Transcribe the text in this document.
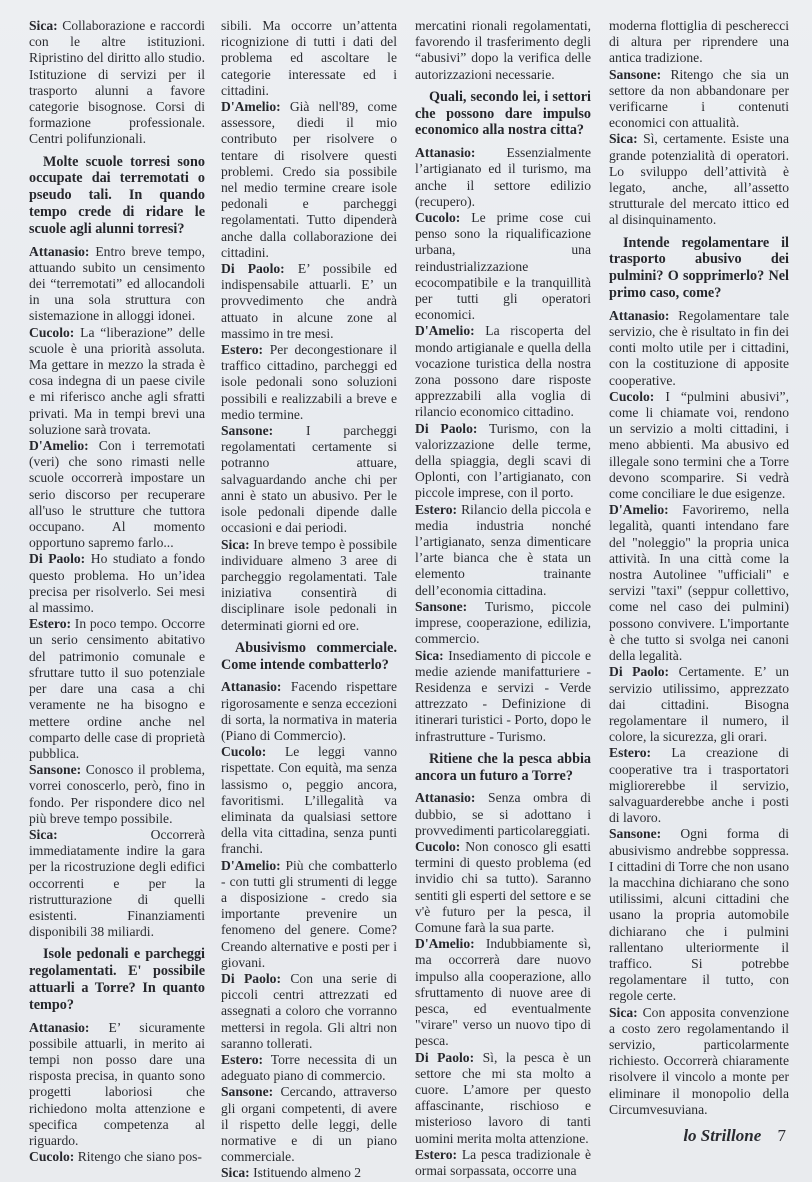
Sica: Collaborazione e raccordi con le altre istituzioni. Ripristino del diritto allo studio. Istituzione di servizi per il trasporto alunni a favore categorie bisognose. Corsi di formazione professionale. Centri polifunzionali.
Molte scuole torresi sono occupate dai terremotati o pseudo tali. In quando tempo crede di ridare le scuole agli alunni torresi?
Attanasio: Entro breve tempo, attuando subito un censimento dei “terremotati” ed allocandoli in una sola struttura con sistemazione in alloggi idonei.
Cucolo: La “liberazione” delle scuole è una priorità assoluta. Ma gettare in mezzo la strada è cosa indegna di un paese civile e mi riferisco anche agli sfratti privati. Ma in tempi brevi una soluzione sarà trovata.
D'Amelio: Con i terremotati (veri) che sono rimasti nelle scuole occorrerà impostare un serio discorso per recuperare all'uso le strutture che tuttora occupano. Al momento opportuno sapremo farlo...
Di Paolo: Ho studiato a fondo questo problema. Ho un’idea precisa per risolverlo. Sei mesi al massimo.
Estero: In poco tempo. Occorre un serio censimento abitativo del patrimonio comunale e sfruttare tutto il suo potenziale per dare una casa a chi veramente ne ha bisogno e mettere ordine anche nel comparto delle case di proprietà pubblica.
Sansone: Conosco il problema, vorrei conoscerlo, però, fino in fondo. Per rispondere dico nel più breve tempo possibile.
Sica:	Occorrerà immediatamente indire la gara per la ricostruzione degli edifici occorrenti e per la ristrutturazione di quelli esistenti. Finanziamenti disponibili 38 miliardi.
Isole pedonali e parcheggi regolamentati. E' possibile attuarli a Torre? In quanto tempo?
Attanasio: E’ sicuramente possibile attuarli, in merito ai tempi non posso dare una risposta precisa, in quanto sono progetti laboriosi che richiedono molta attenzione e specifica competenza al riguardo.
Cucolo: Ritengo che siano pos-
sibili. Ma occorre un’attenta ricognizione di tutti i dati del problema ed ascoltare le categorie interessate ed i cittadini.
D'Amelio: Già nell'89, come assessore, diedi il mio contributo per risolvere o tentare di risolvere questi problemi. Credo sia possibile nel medio termine creare isole pedonali e parcheggi regolamentati. Tutto dipenderà anche dalla collaborazione dei cittadini.
Di Paolo: E’ possibile ed indispensabile attuarli. E’ un provvedimento che andrà attuato in alcune zone al massimo in tre mesi.
Estero: Per decongestionare il traffico cittadino, parcheggi ed isole pedonali sono soluzioni possibili e realizzabili a breve e medio termine.
Sansone: I parcheggi regolamentati certamente si potranno attuare, salvaguardando anche chi per anni è stato un abusivo. Per le isole pedonali dipende dalle occasioni e dai periodi.
Sica: In breve tempo è possibile individuare almeno 3 aree di parcheggio regolamentati. Tale iniziativa consentirà di disciplinare isole pedonali in determinati giorni ed ore.
Abusivismo commerciale. Come intende combatterlo?
Attanasio: Facendo rispettare rigorosamente e senza eccezioni di sorta, la normativa in materia (Piano di Commercio).
Cucolo: Le leggi vanno rispettate. Con equità, ma senza lassismo o, peggio ancora, favoritismi. L’illegalità va eliminata da qualsiasi settore della vita cittadina, senza punti franchi.
D'Amelio: Più che combatterlo - con tutti gli strumenti di legge a disposizione - credo sia importante prevenire un fenomeno del genere. Come? Creando alternative e posti per i giovani.
Di Paolo: Con una serie di piccoli centri attrezzati ed assegnati a coloro che vorranno mettersi in regola. Gli altri non saranno tollerati.
Estero: Torre necessita di un adeguato piano di commercio.
Sansone: Cercando, attraverso gli organi competenti, di avere il rispetto delle leggi, delle normative e di un piano commerciale.
Sica: Istituendo almeno 2
mercatini rionali regolamentati, favorendo il trasferimento degli “abusivi” dopo la verifica delle autorizzazioni necessarie.
Quali, secondo lei, i settori che possono dare impulso economico alla nostra citta?
Attanasio: Essenzialmente l’artigianato ed il turismo, ma anche il settore edilizio (recupero).
Cucolo: Le prime cose cui penso sono la riqualificazione urbana, una reindustrializzazione ecocompatibile e la tranquillità per tutti gli operatori economici.
D'Amelio: La riscoperta del mondo artigianale e quella della vocazione turistica della nostra zona possono dare risposte apprezzabili alla voglia di rilancio economico cittadino.
Di Paolo: Turismo, con la valorizzazione delle terme, della spiaggia, degli scavi di Oplonti, con l’artigianato, con piccole imprese, con il porto.
Estero: Rilancio della piccola e media industria nonché l’artigianato, senza dimenticare l’arte bianca che è stata un elemento trainante dell’economia cittadina.
Sansone: Turismo, piccole imprese, cooperazione, edilizia, commercio.
Sica: Insediamento di piccole e medie aziende manifatturiere - Residenza e servizi - Verde attrezzato - Definizione di itinerari turistici - Porto, dopo le infrastrutture - Turismo.
Ritiene che la pesca abbia ancora un futuro a Torre?
Attanasio: Senza ombra di dubbio, se si adottano i provvedimenti particolareggiati.
Cucolo: Non conosco gli esatti termini di questo problema (ed invidio chi sa tutto). Saranno sentiti gli esperti del settore e se v'è futuro per la pesca, il Comune farà la sua parte.
D'Amelio: Indubbiamente sì, ma occorrerà dare nuovo impulso alla cooperazione, allo sfruttamento di nuove aree di pesca, ed eventualmente "virare" verso un nuovo tipo di pesca.
Di Paolo: Sì, la pesca è un settore che mi sta molto a cuore. L’amore per questo affascinante, rischioso e misterioso lavoro di tanti uomini merita molta attenzione.
Estero: La pesca tradizionale è ormai sorpassata, occorre una
moderna flottiglia di pescherecci di altura per riprendere una antica tradizione.
Sansone: Ritengo che sia un settore da non abbandonare per verificarne i contenuti economici con attualità.
Sica: Sì, certamente. Esiste una grande potenzialità di operatori. Lo sviluppo dell’attività è legato, anche, all’assetto strutturale del mercato ittico ed al disinquinamento.
Intende regolamentare il trasporto abusivo dei pulmini? O sopprimerlo? Nel primo caso, come?
Attanasio: Regolamentare tale servizio, che è risultato in fin dei conti molto utile per i cittadini, con la costituzione di apposite cooperative.
Cucolo: I “pulmini abusivi”, come li chiamate voi, rendono un servizio a molti cittadini, i meno abbienti. Ma abusivo ed illegale sono termini che a Torre devono scomparire. Si vedrà come conciliare le due esigenze.
D'Amelio: Favoriremo, nella legalità, quanti intendano fare del "noleggio" la propria unica attività. In una città come la nostra Autolinee "ufficiali" e servizi "taxi" (seppur collettivo, come nel caso dei pulmini) possono convivere. L'importante è che tutto si svolga nei canoni della legalità.
Di Paolo: Certamente. E’ un servizio utilissimo, apprezzato dai cittadini. Bisogna regolamentare il numero, il colore, la sicurezza, gli orari.
Estero: La creazione di cooperative tra i trasportatori migliorerebbe il servizio, salvaguarderebbe anche i posti di lavoro.
Sansone: Ogni forma di abusivismo andrebbe soppressa. I cittadini di Torre che non usano la macchina dichiarano che sono utilissimi, alcuni cittadini che usano la propria automobile dichiarano che i pulmini rallentano ulteriormente il traffico. Si potrebbe regolamentare il tutto, con regole certe.
Sica: Con apposita convenzione a costo zero regolamentando il servizio, particolarmente richiesto. Occorrerà chiaramente risolvere il vincolo a monte per eliminare il monopolio della Circumvesuviana.
lo Strillone 7
